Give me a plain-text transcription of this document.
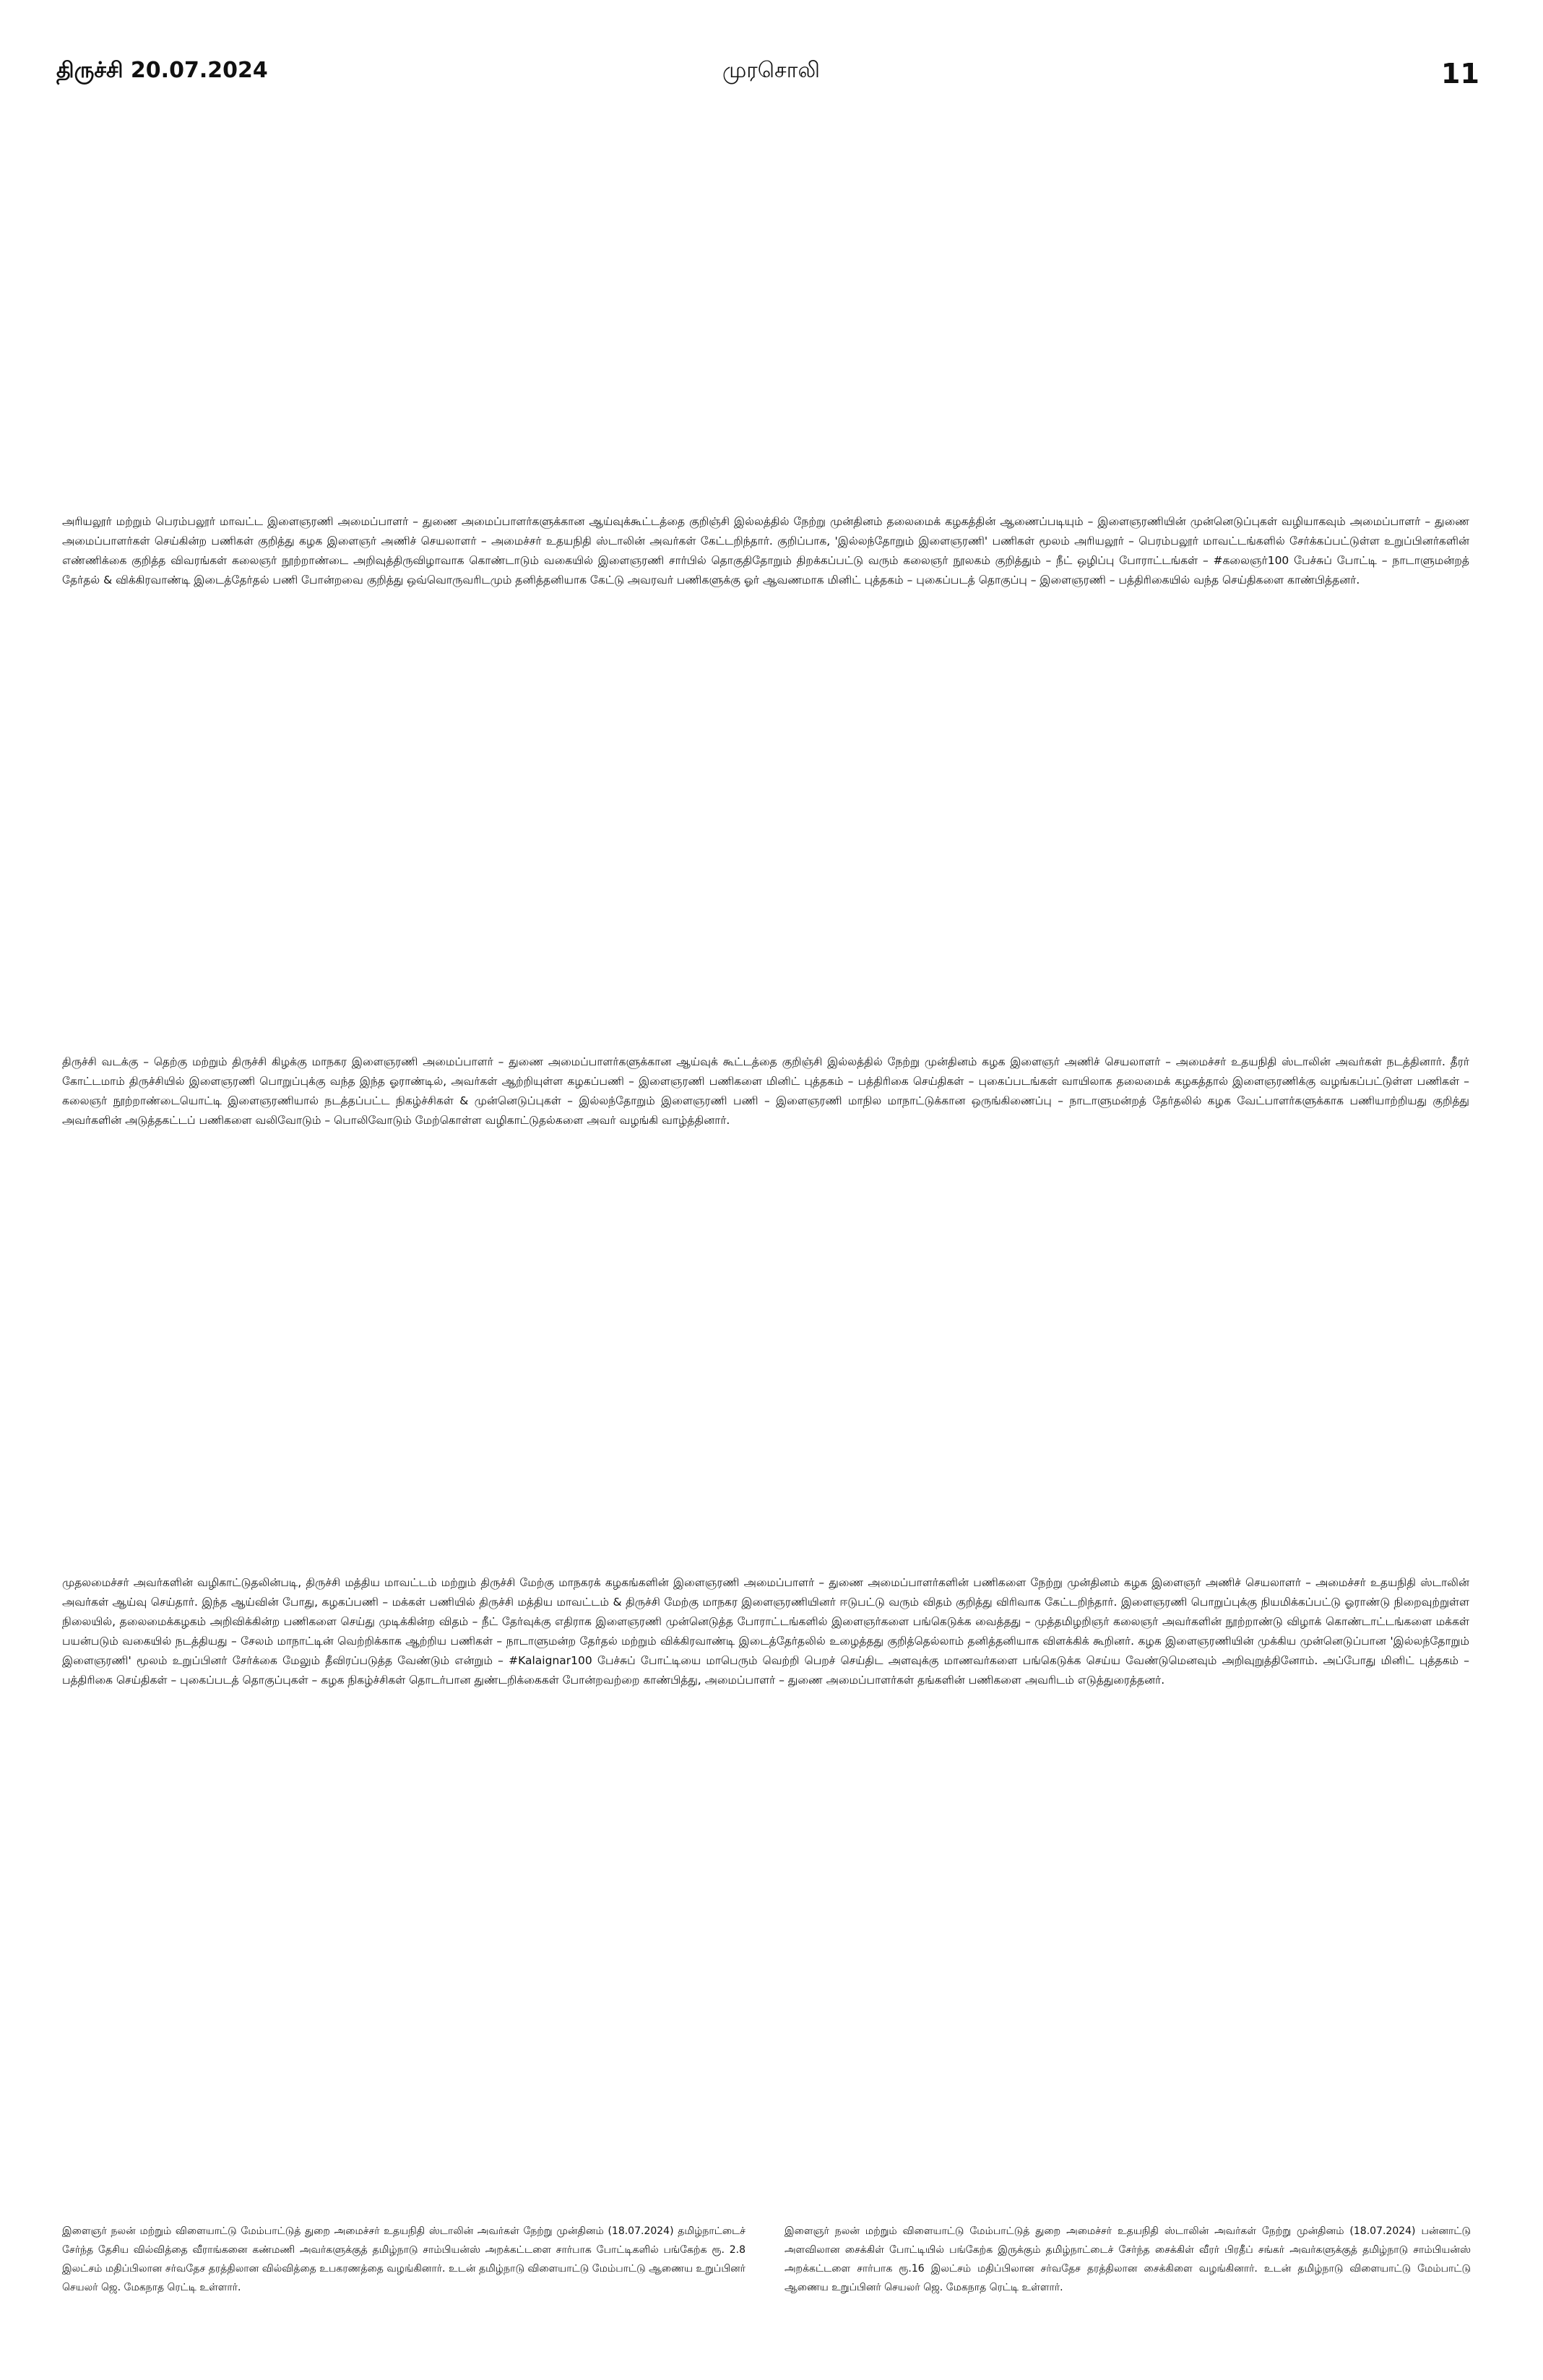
திருச்சி 20.07.2024	முரசொலி	11
அரியலூர் மற்றும் பெரம்பலூர் மாவட்ட இளைஞரணி அமைப்பாளர் – துணை அமைப்பாளர்களுக்கான ஆய்வுக்கூட்டத்தை குறிஞ்சி இல்லத்தில் நேற்று முன்தினம் தலைமைக் கழகத்தின் ஆணைப்படியும் – இளைஞரணியின் முன்னெடுப்புகள் வழியாகவும் அமைப்பாளர் – துணை அமைப்பாளர்கள் செய்கின்ற பணிகள் குறித்து கழக இளைஞர் அணிச் செயலாளர் – அமைச்சர் உதயநிதி ஸ்டாலின் அவர்கள் கேட்டறிந்தார். குறிப்பாக, 'இல்லந்தோறும் இளைஞரணி' பணிகள் மூலம் அரியலூர் – பெரம்பலூர் மாவட்டங்களில் சேர்க்கப்பட்டுள்ள உறுப்பினர்களின் எண்ணிக்கை குறித்த விவரங்கள் கலைஞர் நூற்றாண்டை அறிவுத்திருவிழாவாக கொண்டாடும் வகையில் இளைஞரணி சார்பில் தொகுதிதோறும் திறக்கப்பட்டு வரும் கலைஞர் நூலகம் குறித்தும் – நீட் ஒழிப்பு போராட்டங்கள் – #கலைஞர்100 பேச்சுப் போட்டி – நாடாளுமன்றத் தேர்தல் & விக்கிரவாண்டி இடைத்தேர்தல் பணி போன்றவை குறித்து ஒவ்வொருவரிடமும் தனித்தனியாக கேட்டு அவரவர் பணிகளுக்கு ஓர் ஆவணமாக மினிட் புத்தகம் – புகைப்படத் தொகுப்பு – இளைஞரணி – பத்திரிகையில் வந்த செய்திகளை காண்பித்தனர்.
திருச்சி வடக்கு – தெற்கு மற்றும் திருச்சி கிழக்கு மாநகர இளைஞரணி அமைப்பாளர் – துணை அமைப்பாளர்களுக்கான ஆய்வுக் கூட்டத்தை குறிஞ்சி இல்லத்தில் நேற்று முன்தினம் கழக இளைஞர் அணிச் செயலாளர் – அமைச்சர் உதயநிதி ஸ்டாலின் அவர்கள் நடத்தினார். தீரர் கோட்டமாம் திருச்சியில் இளைஞரணி பொறுப்புக்கு வந்த இந்த ஓராண்டில், அவர்கள் ஆற்றியுள்ள கழகப்பணி – இளைஞரணி பணிகளை மினிட் புத்தகம் – பத்திரிகை செய்திகள் – புகைப்படங்கள் வாயிலாக தலைமைக் கழகத்தால் இளைஞரணிக்கு வழங்கப்பட்டுள்ள பணிகள் – கலைஞர் நூற்றாண்டையொட்டி இளைஞரணியால் நடத்தப்பட்ட நிகழ்ச்சிகள் & முன்னெடுப்புகள் – இல்லந்தோறும் இளைஞரணி பணி – இளைஞரணி மாநில மாநாட்டுக்கான ஒருங்கிணைப்பு – நாடாளுமன்றத் தேர்தலில் கழக வேட்பாளர்களுக்காக பணியாற்றியது குறித்து அவர்களின் அடுத்தகட்டப் பணிகளை வலிவோடும் – பொலிவோடும் மேற்கொள்ள வழிகாட்டுதல்களை அவர் வழங்கி வாழ்த்தினார்.
முதலமைச்சர் அவர்களின் வழிகாட்டுதலின்படி, திருச்சி மத்திய மாவட்டம் மற்றும் திருச்சி மேற்கு மாநகரக் கழகங்களின் இளைஞரணி அமைப்பாளர் – துணை அமைப்பாளர்களின் பணிகளை நேற்று முன்தினம் கழக இளைஞர் அணிச் செயலாளர் – அமைச்சர் உதயநிதி ஸ்டாலின் அவர்கள் ஆய்வு செய்தார். இந்த ஆய்வின் போது, கழகப்பணி – மக்கள் பணியில் திருச்சி மத்திய மாவட்டம் & திருச்சி மேற்கு மாநகர இளைஞரணியினர் ஈடுபட்டு வரும் விதம் குறித்து விரிவாக கேட்டறிந்தார். இளைஞரணி பொறுப்புக்கு நியமிக்கப்பட்டு ஓராண்டு நிறைவுற்றுள்ள நிலையில், தலைமைக்கழகம் அறிவிக்கின்ற பணிகளை செய்து முடிக்கின்ற விதம் – நீட் தேர்வுக்கு எதிராக இளைஞரணி முன்னெடுத்த போராட்டங்களில் இளைஞர்களை பங்கெடுக்க வைத்தது – முத்தமிழறிஞர் கலைஞர் அவர்களின் நூற்றாண்டு விழாக் கொண்டாட்டங்களை மக்கள் பயன்படும் வகையில் நடத்தியது – சேலம் மாநாட்டின் வெற்றிக்காக ஆற்றிய பணிகள் – நாடாளுமன்ற தேர்தல் மற்றும் விக்கிரவாண்டி இடைத்தேர்தலில் உழைத்தது குறித்தெல்லாம் தனித்தனியாக விளக்கிக் கூறினர். கழக இளைஞரணியின் முக்கிய முன்னெடுப்பான 'இல்லந்தோறும் இளைஞரணி' மூலம் உறுப்பினர் சேர்க்கை மேலும் தீவிரப்படுத்த வேண்டும் என்றும் – #Kalaignar100 பேச்சுப் போட்டியை மாபெரும் வெற்றி பெறச் செய்திட அளவுக்கு மாணவர்களை பங்கெடுக்க செய்ய வேண்டுமெனவும் அறிவுறுத்தினோம். அப்போது மினிட் புத்தகம் – பத்திரிகை செய்திகள் – புகைப்படத் தொகுப்புகள் – கழக நிகழ்ச்சிகள் தொடர்பான துண்டறிக்கைகள் போன்றவற்றை காண்பித்து, அமைப்பாளர் – துணை அமைப்பாளர்கள் தங்களின் பணிகளை அவரிடம் எடுத்துரைத்தனர்.
இளைஞர் நலன் மற்றும் விளையாட்டு மேம்பாட்டுத் துறை அமைச்சர் உதயநிதி ஸ்டாலின் அவர்கள் நேற்று முன்தினம் (18.07.2024) தமிழ்நாட்டைச் சேர்ந்த தேசிய வில்வித்தை வீராங்கனை கண்மணி அவர்களுக்குத் தமிழ்நாடு சாம்பியன்ஸ் அறக்கட்டளை சார்பாக போட்டிகளில் பங்கேற்க ரூ. 2.8 இலட்சம் மதிப்பிலான சர்வதேச தரத்திலான வில்வித்தை உபகரணத்தை வழங்கினார். உடன் தமிழ்நாடு விளையாட்டு மேம்பாட்டு ஆணைய உறுப்பினர் செயலர் ஜெ. மேகநாத ரெட்டி உள்ளார்.
இளைஞர் நலன் மற்றும் விளையாட்டு மேம்பாட்டுத் துறை அமைச்சர் உதயநிதி ஸ்டாலின் அவர்கள் நேற்று முன்தினம் (18.07.2024) பன்னாட்டு அளவிலான சைக்கிள் போட்டியில் பங்கேற்க இருக்கும் தமிழ்நாட்டைச் சேர்ந்த சைக்கிள் வீரர் பிரதீப் சங்கர் அவர்களுக்குத் தமிழ்நாடு சாம்பியன்ஸ் அறக்கட்டளை சார்பாக ரூ.16 இலட்சம் மதிப்பிலான சர்வதேச தரத்திலான சைக்கிளை வழங்கினார். உடன் தமிழ்நாடு விளையாட்டு மேம்பாட்டு ஆணைய உறுப்பினர் செயலர் ஜெ. மேகநாத ரெட்டி உள்ளார்.
